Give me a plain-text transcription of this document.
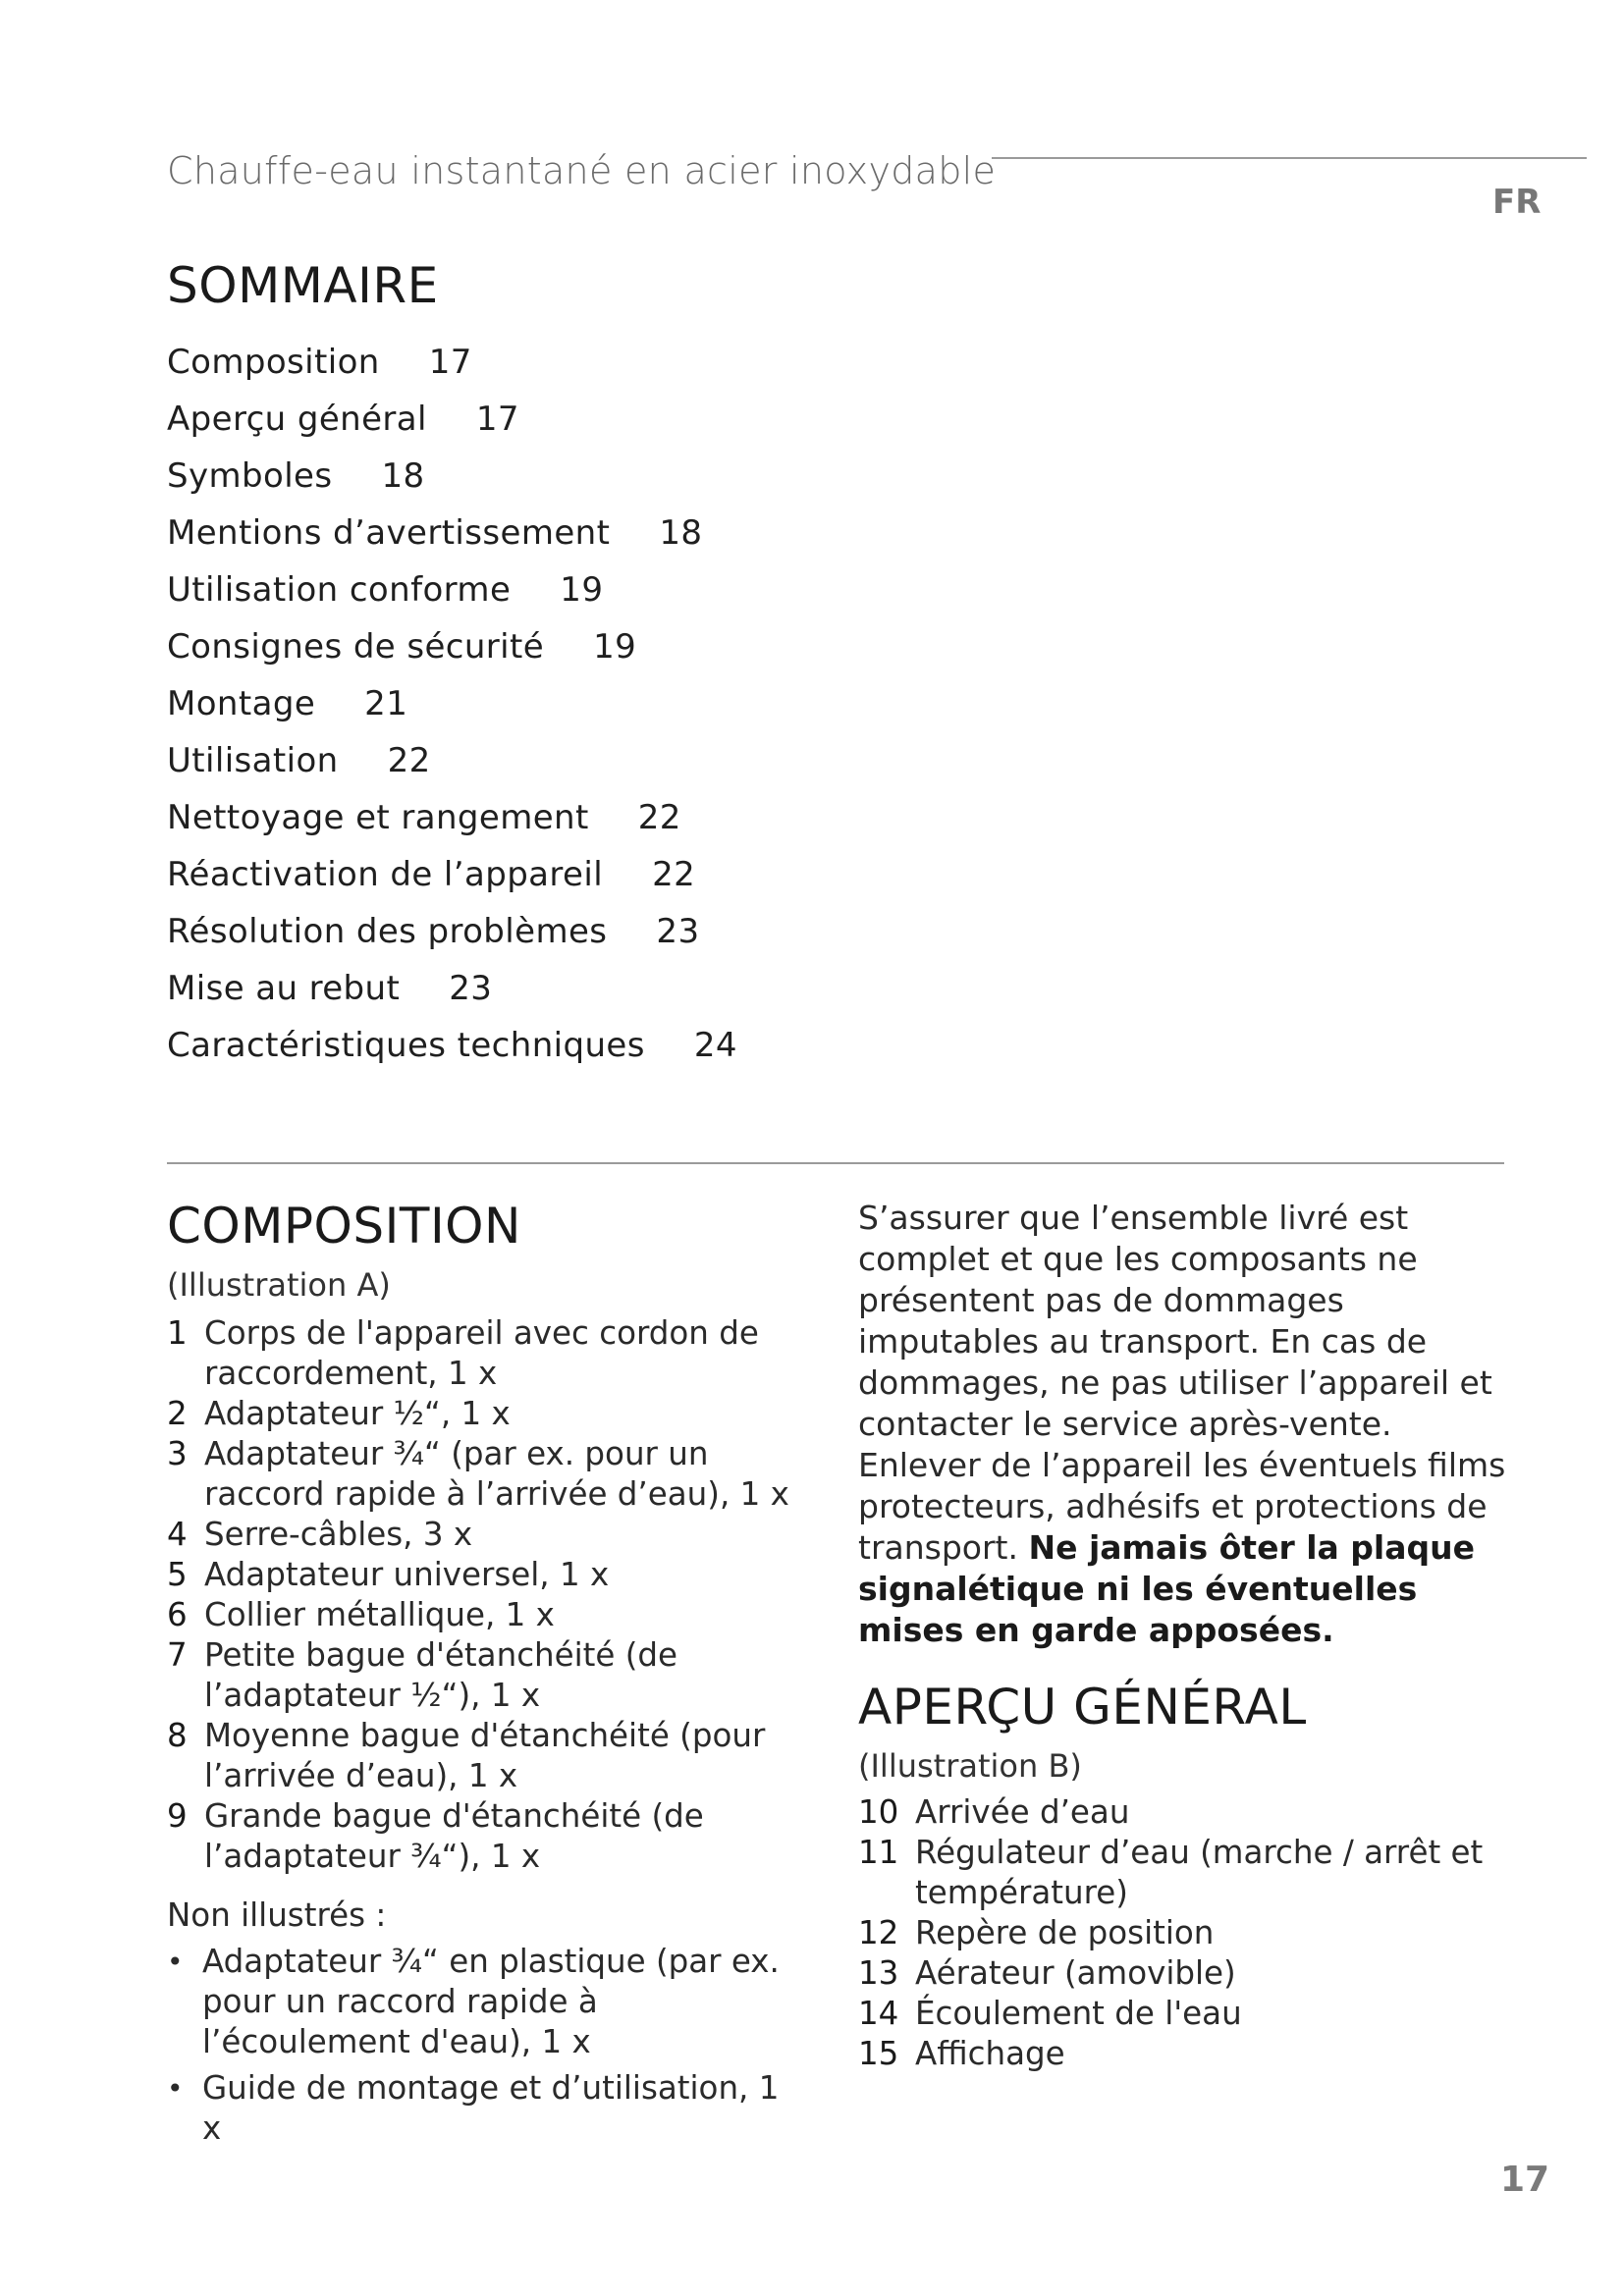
Chauffe-eau instantané en acier inoxydable
FR
SOMMAIRE
Composition 17
Aperçu général 17
Symboles 18
Mentions d’avertissement 18
Utilisation conforme 19
Consignes de sécurité 19
Montage 21
Utilisation 22
Nettoyage et rangement 22
Réactivation de l’appareil 22
Résolution des problèmes 23
Mise au rebut 23
Caractéristiques techniques 24
COMPOSITION
(Illustration A)
1 Corps de l'appareil avec cordon de raccordement, 1 x
2 Adaptateur ½“, 1 x
3 Adaptateur ¾“ (par ex. pour un raccord rapide à l’arrivée d’eau), 1 x
4 Serre-câbles, 3 x
5 Adaptateur universel, 1 x
6 Collier métallique, 1 x
7 Petite bague d'étanchéité (de l’adaptateur ½“), 1 x
8 Moyenne bague d'étanchéité (pour l’arrivée d’eau), 1 x
9 Grande bague d'étanchéité (de l’adaptateur ¾“), 1 x
Non illustrés :
• Adaptateur ¾“ en plastique (par ex. pour un raccord rapide à l’écoulement d'eau), 1 x
• Guide de montage et d’utilisation, 1 x

S’assurer que l’ensemble livré est complet et que les composants ne présentent pas de dommages imputables au transport. En cas de dommages, ne pas utiliser l’appareil et contacter le service après-vente.

Enlever de l’appareil les éventuels films protecteurs, adhésifs et protections de transport. Ne jamais ôter la plaque signalétique ni les éventuelles mises en garde apposées.

APERÇU GÉNÉRAL
(Illustration B)
10 Arrivée d’eau
11 Régulateur d’eau (marche / arrêt et température)
12 Repère de position
13 Aérateur (amovible)
14 Écoulement de l'eau
15 Affichage
17
